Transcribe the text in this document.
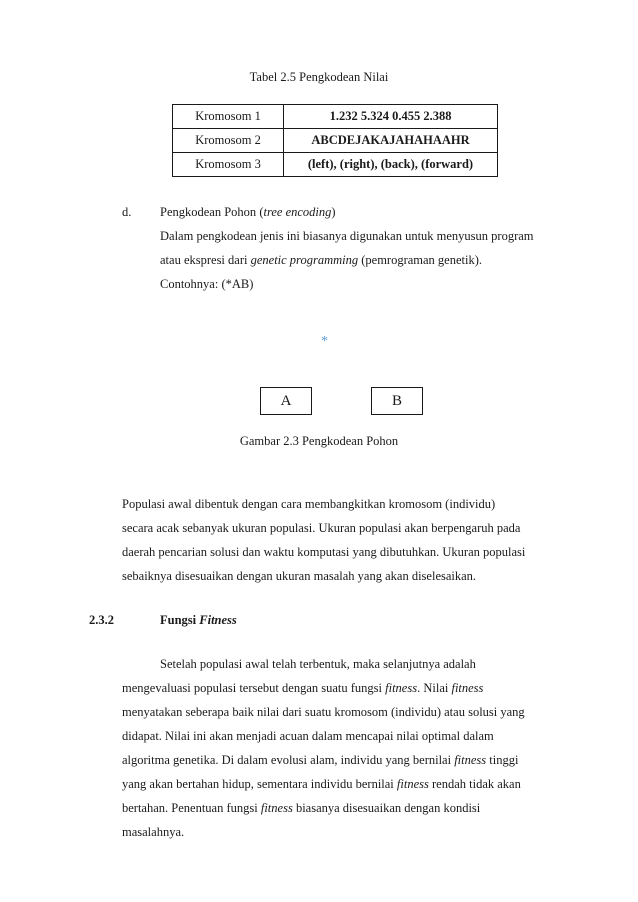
Tabel 2.5 Pengkodean Nilai
Kromosom 1	1.232 5.324 0.455 2.388
Kromosom 2	ABCDEJAKAJAHAHAAHR
Kromosom 3	(left), (right), (back), (forward)
d. Pengkodean Pohon (tree encoding)
Dalam pengkodean jenis ini biasanya digunakan untuk menyusun program
atau ekspresi dari genetic programming (pemrograman genetik).
Contohnya: (*AB)
*
A	B
Gambar 2.3 Pengkodean Pohon
Populasi awal dibentuk dengan cara membangkitkan kromosom (individu)
secara acak sebanyak ukuran populasi. Ukuran populasi akan berpengaruh pada
daerah pencarian solusi dan waktu komputasi yang dibutuhkan. Ukuran populasi
sebaiknya disesuaikan dengan ukuran masalah yang akan diselesaikan.
2.3.2	Fungsi Fitness
Setelah populasi awal telah terbentuk, maka selanjutnya adalah
mengevaluasi populasi tersebut dengan suatu fungsi fitness. Nilai fitness
menyatakan seberapa baik nilai dari suatu kromosom (individu) atau solusi yang
didapat. Nilai ini akan menjadi acuan dalam mencapai nilai optimal dalam
algoritma genetika. Di dalam evolusi alam, individu yang bernilai fitness tinggi
yang akan bertahan hidup, sementara individu bernilai fitness rendah tidak akan
bertahan. Penentuan fungsi fitness biasanya disesuaikan dengan kondisi
masalahnya.
